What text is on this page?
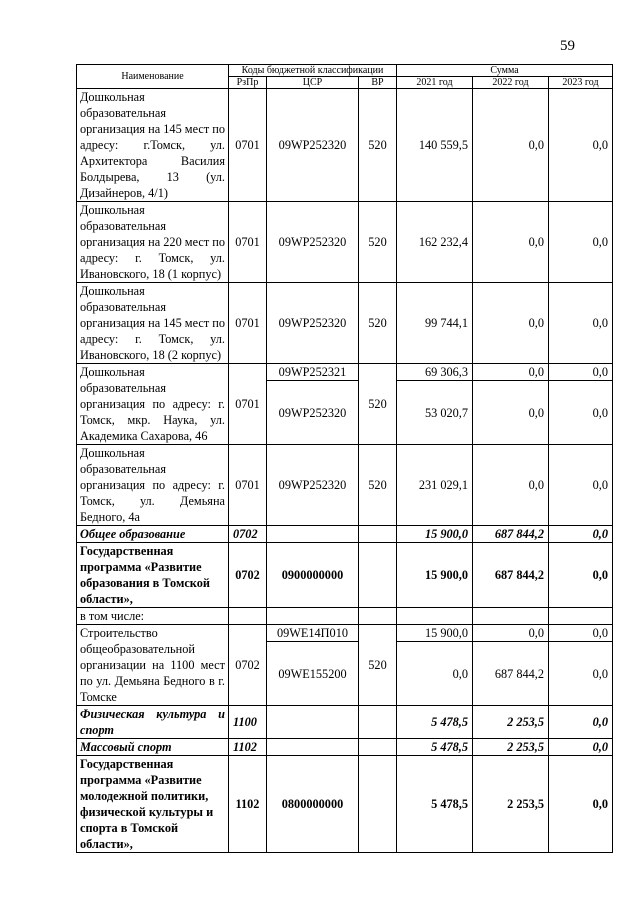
59
Наименование	Коды бюджетной классификации			Сумма		
	РзПр	ЦСР	ВР	2021 год	2022 год	2023 год
Дошкольная образовательная организация на 145 мест по адресу: г.Томск, ул. Архитектора Василия Болдырева, 13 (ул. Дизайнеров, 4/1)	0701	09WP252320	520	140 559,5	0,0	0,0
Дошкольная образовательная организация на 220 мест по адресу: г. Томск, ул. Ивановского, 18 (1 корпус)	0701	09WP252320	520	162 232,4	0,0	0,0
Дошкольная образовательная организация на 145 мест по адресу: г. Томск, ул. Ивановского, 18 (2 корпус)	0701	09WP252320	520	99 744,1	0,0	0,0
Дошкольная образовательная организация по адресу: г. Томск, мкр. Наука, ул. Академика Сахарова, 46	0701	09WP252321	520	69 306,3	0,0	0,0
		09WP252320		53 020,7	0,0	0,0
Дошкольная образовательная организация по адресу: г. Томск, ул. Демьяна Бедного, 4а	0701	09WP252320	520	231 029,1	0,0	0,0
Общее образование	0702			15 900,0	687 844,2	0,0
Государственная программа «Развитие образования в Томской области»,	0702	0900000000		15 900,0	687 844,2	0,0
в том числе:						
Строительство общеобразовательной организации на 1100 мест по ул. Демьяна Бедного в г. Томске	0702	09WE14П010	520	15 900,0	0,0	0,0
		09WE155200		0,0	687 844,2	0,0
Физическая культура и спорт	1100			5 478,5	2 253,5	0,0
Массовый спорт	1102			5 478,5	2 253,5	0,0
Государственная программа «Развитие молодежной политики, физической культуры и спорта в Томской области»,	1102	0800000000		5 478,5	2 253,5	0,0
